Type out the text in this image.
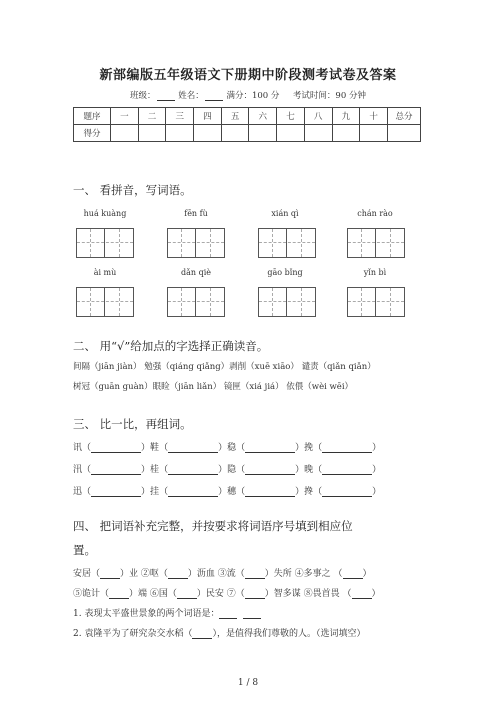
新部编版五年级语文下册期中阶段测考试卷及答案
班级：	姓名：	满分：100 分 考试时间：90 分钟
题序	一	二	三	四	五	六	七	八	九	十	总分
得分											
一、 看拼音，写词语。
huá kuàng	fēn fù	xián qì	chán rào
ài mù	dǎn qiè	gāo bǐng	yǐn bì
二、 用“√”给加点的字选择正确读音。
间隔（jiān jiàn） 勉强（qiáng qiǎng）剥削（xuē xiāo） 谴责（qiǎn qiǎn）
树冠（guān guàn）眼睑（jiān liǎn） 镜匣（xiá jiá） 依偎（wèi wēi）
三、 比一比，再组词。
讯（	）鞋（	）稳（	）挽（	）
汛（	）桂（	）隐（	）晚（	）
迅（	）挂（	）穗（	）搀（	）
四、 把词语补充完整，并按要求将词语序号填到相应位
置。
安居（ ）业 ②呕（ ）沥血 ③流（ ）失所 ④多事之 （ ）
⑤诡计（ ）端 ⑥国（ ）民安 ⑦（ ）智多谋 ⑧畏首畏 （ ）
1. 表现太平盛世景象的两个词语是：
2. 袁隆平为了研究杂交水稻（ ），是值得我们尊敬的人。（选词填空）
1 / 8
